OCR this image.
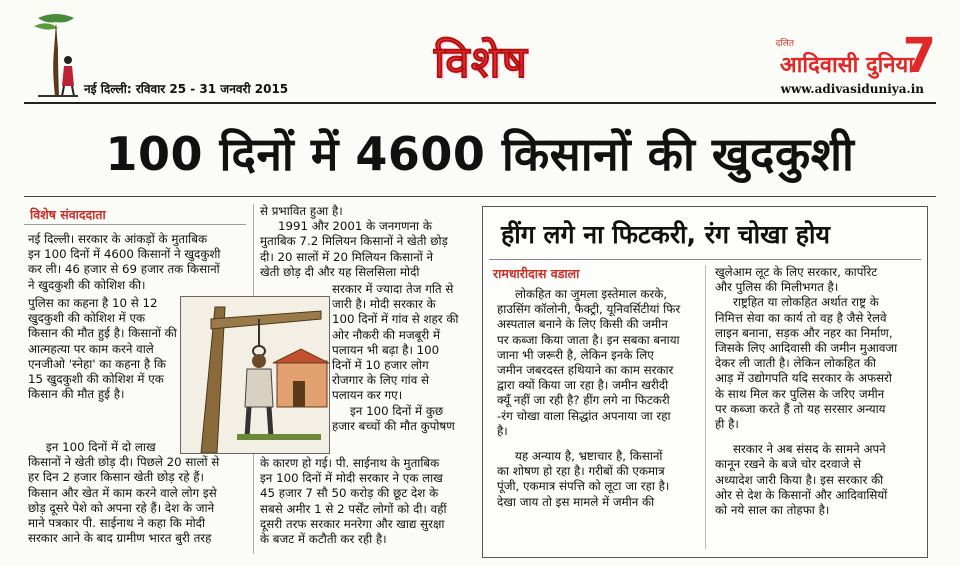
नई दिल्ली: रविवार 25 - 31 जनवरी 2015
विशेष	दलित
आदिवासी दुनिया
7
www.adivasiduniya.in
100 दिनों में 4600 किसानों की खुदकुशी
विशेष संवाददाता
नई दिल्ली। सरकार के आंकड़ों के मुताबिक
इन 100 दिनों में 4600 किसानों ने खुदकुशी
कर ली। 46 हजार से 69 हजार तक किसानों
ने खुदकुशी की कोशिश की।
पुलिस का कहना है 10 से 12 खुदकुशी की कोशिश में एक किसान की मौत हुई है। किसानों की आत्महत्या पर काम करने वाले एनजीओ 'स्नेहा' का कहना है कि 15 खुदकुशी की कोशिश में एक किसान की मौत हुई है।
इन 100 दिनों में दो लाख
किसानों ने खेती छोड़ दी। पिछले 20 सालों से
हर दिन 2 हजार किसान खेती छोड़ रहे हैं।
किसान और खेत में काम करने वाले लोग इसे
छोड़ दूसरे पेशे को अपना रहे हैं। देश के जाने
माने पत्रकार पी. साईनाथ ने कहा कि मोदी
सरकार आने के बाद ग्रामीण भारत बुरी तरह
से प्रभावित हुआ है।
1991 और 2001 के जनगणना के
मुताबिक 7.2 मिलियन किसानों ने खेती छोड़
दी। 20 सालों में 20 मिलियन किसानों ने
खेती छोड़ दी और यह सिलसिला मोदी
सरकार में ज्यादा तेज गति से
जारी है। मोदी सरकार के
100 दिनों में गांव से शहर की
ओर नौकरी की मजबूरी में
पलायन भी बढ़ा है। 100
दिनों में 10 हजार लोग
रोजगार के लिए गांव से
पलायन कर गए।
इन 100 दिनों में कुछ
हजार बच्चों की मौत कुपोषण
के कारण हो गई। पी. साईनाथ के मुताबिक
इन 100 दिनों में मोदी सरकार ने एक लाख
45 हजार 7 सौ 50 करोड़ की छूट देश के
सबसे अमीर 1 से 2 पर्सेंट लोगों को दी। वहीं
दूसरी तरफ सरकार मनरेगा और खाद्य सुरक्षा
के बजट में कटौती कर रही है।
हींग लगे ना फिटकरी, रंग चोखा होय
रामधारीदास वडाला
लोकहित का जुमला इस्तेमाल करके,
हाउसिंग कॉलोनी, फैक्ट्री, यूनिवर्सिटीयां फिर
अस्पताल बनाने के लिए किसी की जमीन
पर कब्जा किया जाता है। इन सबका बनाया
जाना भी जरूरी है, लेकिन इनके लिए
जमीन जबरदस्त हथियाने का काम सरकार
द्वारा क्यों किया जा रहा है। जमीन खरीदी
क्यूँ नहीं जा रही है? हींग लगे ना फिटकरी
-रंग चोखा वाला सिद्धांत अपनाया जा रहा
है।
यह अन्याय है, भ्रष्टाचार है, किसानों
का शोषण हो रहा है। गरीबों की एकमात्र
पूंजी, एकमात्र संपत्ति को लूटा जा रहा है।
देखा जाय तो इस मामले में जमीन की
खुलेआम लूट के लिए सरकार, कार्पोरेट
और पुलिस की मिलीभगत है।
राष्ट्रहित या लोकहित अर्थात राष्ट्र के
निमित्त सेवा का कार्य तो वह है जैसे रेलवे
लाइन बनाना, सड़क और नहर का निर्माण,
जिसके लिए आदिवासी की जमीन मुआवजा
देकर ली जाती है। लेकिन लोकहित की
आड़ में उद्योगपति यदि सरकार के अफसरो
के साथ मिल कर पुलिस के जरिए जमीन
पर कब्जा करते हैं तो यह सरसार अन्याय
ही है।
सरकार ने अब संसद के सामने अपने
कानून रखने के बजे चोर दरवाजे से
अध्यादेश जारी किया है। इस सरकार की
ओर से देश के किसानों और आदिवासियों
को नये साल का तोहफा है।
